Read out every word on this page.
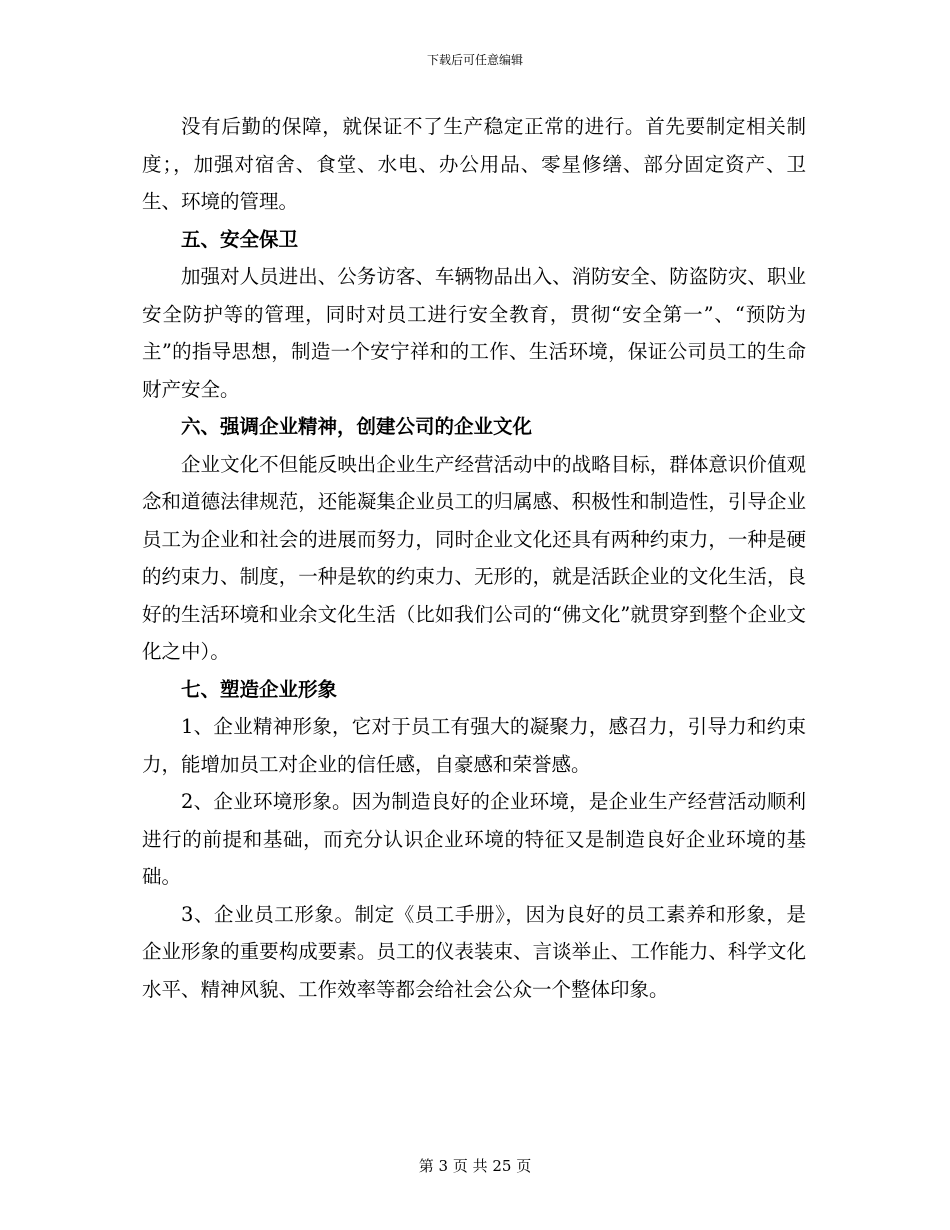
下载后可任意编辑

没有后勤的保障，就保证不了生产稳定正常的进行。首先要制定相关制度；，加强对宿舍、食堂、水电、办公用品、零星修缮、部分固定资产、卫生、环境的管理。

五、安全保卫

加强对人员进出、公务访客、车辆物品出入、消防安全、防盗防灾、职业安全防护等的管理，同时对员工进行安全教育，贯彻“安全第一”、“预防为主”的指导思想，制造一个安宁祥和的工作、生活环境，保证公司员工的生命财产安全。

六、强调企业精神，创建公司的企业文化

企业文化不但能反映出企业生产经营活动中的战略目标，群体意识价值观念和道德法律规范，还能凝集企业员工的归属感、积极性和制造性，引导企业员工为企业和社会的进展而努力，同时企业文化还具有两种约束力，一种是硬的约束力、制度，一种是软的约束力、无形的，就是活跃企业的文化生活，良好的生活环境和业余文化生活（比如我们公司的“佛文化”就贯穿到整个企业文化之中）。

七、塑造企业形象

1、企业精神形象，它对于员工有强大的凝聚力，感召力，引导力和约束力，能增加员工对企业的信任感，自豪感和荣誉感。

2、企业环境形象。因为制造良好的企业环境，是企业生产经营活动顺利进行的前提和基础，而充分认识企业环境的特征又是制造良好企业环境的基础。

3、企业员工形象。制定《员工手册》，因为良好的员工素养和形象，是企业形象的重要构成要素。员工的仪表装束、言谈举止、工作能力、科学文化水平、精神风貌、工作效率等都会给社会公众一个整体印象。

第 3 页 共 25 页
